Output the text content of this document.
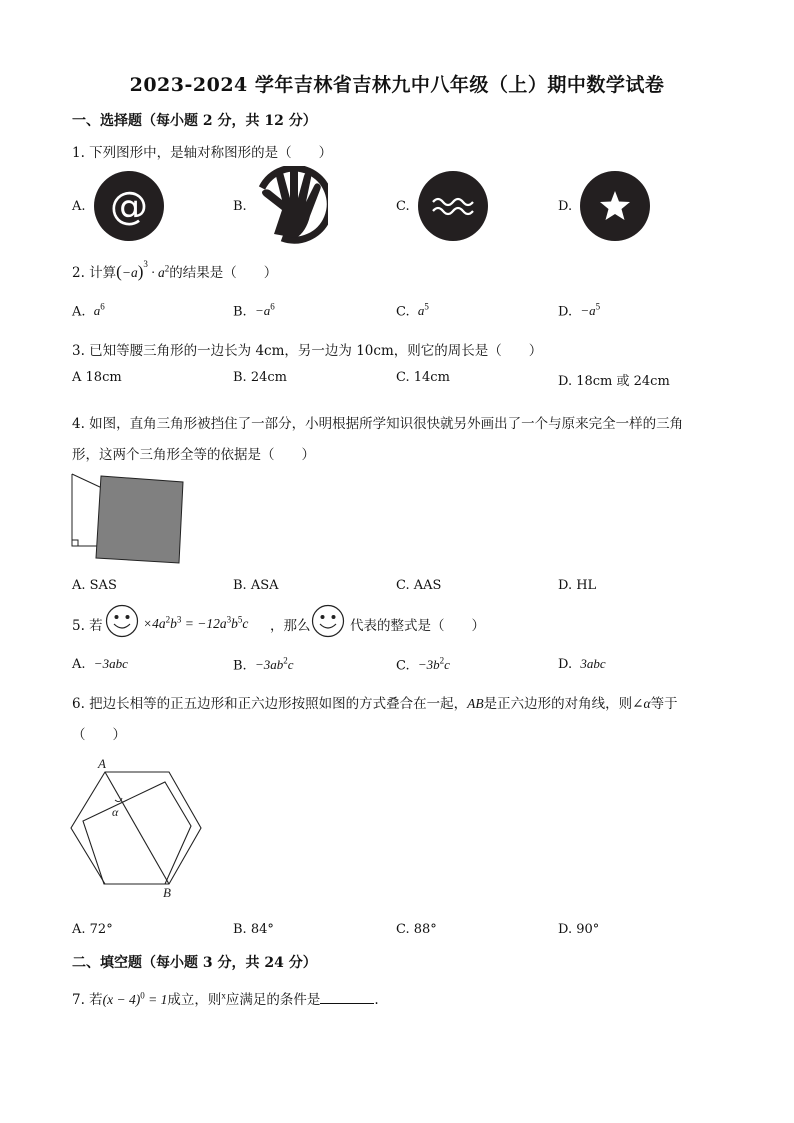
2023-2024 学年吉林省吉林九中八年级（上）期中数学试卷
一、选择题（每小题 2 分，共 12 分）
1. 下列图形中，是轴对称图形的是（　　）
A. @	B.	C.	D.
2. 计算$(-a)^3 \cdot a^2$的结果是（　　）
A. $a^6$	B. $-a^6$	C. $a^5$	D. $-a^5$
3. 已知等腰三角形的一边长为 4cm，另一边为 10cm，则它的周长是（　　）
A 18cm	B. 24cm	C. 14cm	D. 18cm 或 24cm
4. 如图，直角三角形被挡住了一部分，小明根据所学知识很快就另外画出了一个与原来完全一样的三角
形，这两个三角形全等的依据是（　　）
A. SAS	B. ASA	C. AAS	D. HL
5. 若	$\times 4a^2b^3 = -12a^3b^5c$ ，那么	代表的整式是（　　）
A. −3abc	B. $-3ab^2c$	C. $-3b^2c$	D. 3abc
6. 把边长相等的正五边形和正六边形按照如图的方式叠合在一起，AB是正六边形的对角线，则∠α等于
（　　）
A
B
α
A. 72°	B. 84°	C. 88°	D. 90°
二、填空题（每小题 3 分，共 24 分）
7. 若$(x - 4)^0 = 1$成立，则$^x$应满足的条件是	.
